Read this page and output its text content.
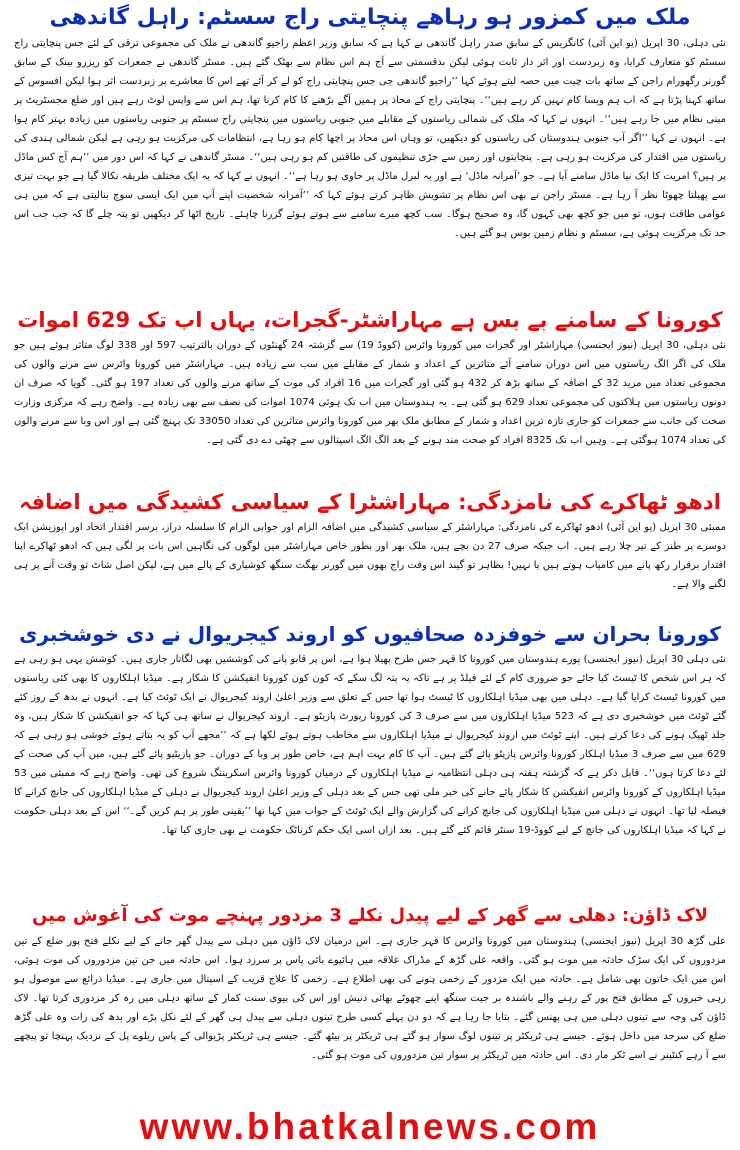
ملک میں کمزور ہو رہاھے پنچایتی راج سسٹم: راہل گاندھی

نئی دہلی، 30 اپریل (یو این آئی) کانگریس کے سابق صدر راہل گاندھی نے کہا ہے کہ سابق وزیر اعظم راجیو گاندھی نے ملک کی مجموعی ترقی کے لئے جس پنچایتی راج سسٹم کو متعارف کرایا، وہ زبردست اور اثر دار ثابت ہوئی لیکن بدقسمتی سے آج ہم اس نظام سے بھٹک گئے ہیں۔ مسٹر گاندھی نے جمعرات کو ریزرو بینک کے سابق گورنر رگھورام راجن کے ساتھ بات چیت میں حصہ لیتے ہوئے کہا ’’راجیو گاندھی جی جس پنچایتی راج کو لے کر آئے تھے اس کا معاشرے پر زبردست اثر ہوا لیکن افسوس کے ساتھ کہنا پڑتا ہے کہ اب ہم ویسا کام نہیں کر رہے ہیں‘‘۔ پنچایتی راج کے محاذ پر ہمیں آگے بڑھنے کا کام کرنا تھا، ہم اس سے واپس لوٹ رہے ہیں اور ضلع مجسٹریٹ پر مبنی نظام میں جا رہے ہیں‘‘۔ انہوں نے کہا کہ ملک کی شمالی ریاستوں کے مقابلے میں جنوبی ریاستوں میں پنچایتی راج سسٹم پر جنوبی ریاستوں میں زیادہ بہتر کام ہوا ہے۔ انہوں نے کہا ’’اگر آپ جنوبی ہندوستان کی ریاستوں کو دیکھیں، تو وہاں اس محاذ پر اچھا کام ہو رہا ہے، انتظامات کی مرکزیت ہو رہی ہے لیکن شمالی ہندی کی ریاستوں میں اقتدار کی مرکزیت ہو رہی ہے۔ پنچایتوں اور زمین سے جڑی تنظیموں کی طاقتیں کم ہو رہی ہیں‘‘۔ مسٹر گاندھی نے کہا کہ اس دور میں ’’ہم آج کس ماڈل پر ہیں؟ امریت کا ایک نیا ماڈل سامنے آیا ہے۔ جو ’آمرانہ ماڈل‘ ہے اور یہ لبرل ماڈل پر حاوی ہو رہا ہے‘‘۔ انہوں نے کہا کہ یہ ایک مختلف طریقہ نکالا گیا ہے جو بہت تیزی سے پھیلتا چھوٹا نظر آ رہا ہے۔ مسٹر راجن نے بھی اس نظام پر تشویش ظاہر کرتے ہوئے کہا کہ ’’آمرانہ شخصیت اپنے آپ میں ایک ایسی سوچ بنالیتی ہے کہ میں ہی عوامی طاقت ہوں، تو میں جو کچھ بھی کہوں گا، وہ صحیح ہوگا۔ سب کچھ میرے سامنے سے ہوتے ہوئے گزرنا چاہئے۔ تاریخ اٹھا کر دیکھیں تو پتہ چلے گا کہ جب جب اس حد تک مرکزیت ہوئی ہے، سسٹم و نظام زمین بوس ہو گئے ہیں۔

کورونا کے سامنے بے بس ہے مہاراشٹر-گجرات، یہاں اب تک 629 اموات

نئی دہلی، 30 اپریل (نیوز ایجنسی) مہاراشٹر اور گجرات میں کورونا وائرس (کووڈ 19) سے گزشتہ 24 گھنٹوں کے دوران بالترتیب 597 اور 338 لوگ متاثر ہوئے ہیں جو ملک کی اگر الگ ریاستوں میں اس دوران سامنے آئے متاثرین کے اعداد و شمار کے مقابلے میں سب سے زیادہ ہیں۔ مہاراشٹر میں کورونا وائرس سے مرنے والوں کی مجموعی تعداد میں مزید 32 کے اضافہ کے ساتھ بڑھ کر 432 ہو گئی اور گجرات میں 16 افراد کی موت کے ساتھ مرنے والوں کی تعداد 197 ہو گئی۔ گویا کہ صرف ان دونوں ریاستوں میں ہلاکتوں کی مجموعی تعداد 629 ہو گئی ہے۔ یہ ہندوستان میں اب تک ہوئی 1074 اموات کی نصف سے بھی زیادہ ہے۔ واضح رہے کہ مرکزی وزارت صحت کی جانب سے جمعرات کو جاری تازہ ترین اعداد و شمار کے مطابق ملک بھر میں کورونا وائرس متاثرین کی تعداد 33050 تک پہنچ گئی ہے اور اس وبا سے مرنے والوں کی تعداد 1074 ہوگئی ہے۔ وہیں اب تک 8325 افراد کو صحت مند ہونے کے بعد الگ الگ اسپتالوں سے چھٹی دے دی گئی ہے۔

ادھو ٹھاکرے کی نامزدگی: مہاراشٹرا کے سیاسی کشیدگی میں اضافہ

ممبئی 30 اپریل (یو این آئی) ادھو ٹھاکرے کی نامزدگی: مہاراشٹر کے سیاسی کشیدگی میں اضافہ الزام اور جوابی الزام کا سلسلہ دراز، برسر اقتدار اتحاد اور اپوزیشن ایک دوسرے پر طنز کے تیر چلا رہے ہیں۔ اب جبکہ صرف 27 دن بچے ہیں، ملک بھر اور بطور خاص مہاراشٹر میں لوگوں کی نگاہیں اس بات پر لگی ہیں کہ ادھو ٹھاکرے اپنا اقتدار برقرار رکھ پانے میں کامیاب ہوتے ہیں یا نہیں! بظاہر تو گیند اس وقت راج بھون میں گورنر بھگت سنگھ کوشیاری کے پالے میں ہے، لیکن اصل شاٹ تو وقت آنے پر ہی لگنے والا ہے۔

کورونا بحران سے خوفزدہ صحافیوں کو اروند کیجریوال نے دی خوشخبری

نئی دہلی 30 اپریل (نیوز ایجنسی) پورے ہندوستان میں کورونا کا قہر جس طرح پھیلا ہوا ہے، اس پر قابو پانے کی کوششیں بھی لگاتار جاری ہیں۔ کوشش یہی ہو رہی ہے کہ ہر اس شخص کا ٹیسٹ کیا جائے جو ضروری کام کے لئے فیلڈ پر ہے تاکہ یہ پتہ لگ سکے کہ کون کون کورونا انفیکشن کا شکار ہے۔ میڈیا اہلکاروں کا بھی کئی ریاستوں میں کورونا ٹیسٹ کرایا گیا ہے۔ دہلی میں بھی میڈیا اہلکاروں کا ٹیسٹ ہوا تھا جس کے تعلق سے وزیر اعلیٰ اروند کیجریوال نے ایک ٹوئٹ کیا ہے۔ انہوں نے بدھ کے روز کئے گئے ٹوئٹ میں خوشخبری دی ہے کہ 523 میڈیا اہلکاروں میں سے صرف 3 کی کورونا رپورٹ پازیٹو ہے۔ اروند کیجریوال نے ساتھ ہی کہا کہ جو انفیکشن کا شکار ہیں، وہ جلد ٹھیک ہونے کی دعا کرتے ہیں۔ اپنے ٹوئٹ میں اروند کیجریوال نے میڈیا اہلکاروں سے مخاطب ہوتے ہوئے لکھا ہے کہ ’’مجھے آپ کو یہ بتاتے ہوئے خوشی ہو رہی ہے کہ 629 میں سے صرف 3 میڈیا اہلکار کورونا وائرس پازیٹو پائے گئے ہیں۔ آپ کا کام بہت اہم ہے، خاص طور پر وبا کے دوران۔ جو پازیٹیو پائے گئے ہیں، میں آپ کی صحت کے لئے دعا کرتا ہوں‘‘۔ قابل ذکر ہے کہ گزشتہ ہفتہ ہی دہلی انتظامیہ نے میڈیا اہلکاروں کے درمیان کورونا وائرس اسکریننگ شروع کی تھی۔ واضح رہے کہ ممبئی میں 53 میڈیا اہلکاروں کے کورونا وائرس انفیکشن کا شکار پائے جانے کی خبر ملی تھی جس کے بعد دہلی کے وزیر اعلیٰ اروند کیجریوال نے دہلی کے میڈیا اہلکاروں کی جانچ کرانے کا فیصلہ لیا تھا۔ انہوں نے دہلی میں میڈیا اہلکاروں کی جانچ کرانے کی گزارش والے ایک ٹوئٹ کے جواب میں کہا تھا ’’یقینی طور پر ہم کریں گے۔‘‘ اس کے بعد دہلی حکومت نے کہا کہ میڈیا اہلکاروں کی جانچ کے لیے کووڈ-19 سنٹر قائم کئے گئے ہیں۔ بعد ازاں اسی ایک حکم کرناٹک حکومت نے بھی جاری کیا تھا۔

لاک ڈاؤن: دھلی سے گھر کے لیے پیدل نکلے 3 مزدور پہنچے موت کی آغوش میں

علی گڑھ 30 اپریل (نیوز ایجنسی) ہندوستان میں کورونا وائرس کا قہر جاری ہے۔ اس درمیان لاک ڈاؤن میں دہلی سے پیدل گھر جانے کے لیے نکلے فتح پور ضلع کے تین مزدوروں کی ایک سڑک حادثہ میں موت ہو گئی۔ واقعہ علی گڑھ کے مڈراک علاقہ میں ہائیوے بائی پاس پر سرزد ہوا۔ اس حادثہ میں جن تین مزدوروں کی موت ہوئی، اس میں ایک خاتون بھی شامل ہے۔ حادثہ میں ایک مزدور کے زخمی ہونے کی بھی اطلاع ہے۔ زخمی کا علاج قریب کے اسپتال میں جاری ہے۔ میڈیا ذرائع سے موصول ہو رہی خبروں کے مطابق فتح پور کے رہنے والے باشندہ بر جیت سنگھ اپنے چھوٹے بھائی دنیش اور اس کی بیوی سنت کمار کے ساتھ دہلی میں رہ کر مزدوری کرتا تھا۔ لاک ڈاؤن کی وجہ سے تینوں دہلی میں ہی پھنس گئے۔ بتایا جا رہا ہے کہ دو دن پہلے کسی طرح تینوں دہلی سے پیدل ہی گھر کے لئے نکل پڑے اور بدھ کی رات وہ علی گڑھ ضلع کی سرحد میں داخل ہوئے۔ جیسے ہی ٹریکٹر پر تینوں لوگ سوار ہو گئے ہی ٹریکٹر پر بیٹھ گئے۔ جیسے ہی ٹریکٹر پڑیوالی کے پاس ریلوے پل کے نزدیک پہنچا تو پیچھے سے آ رہے کنٹینر نے اسے ٹکر مار دی۔ اس حادثہ میں ٹریکٹر پر سوار تین مزدوروں کی موت ہو گئی۔

www.bhatkalnews.com
